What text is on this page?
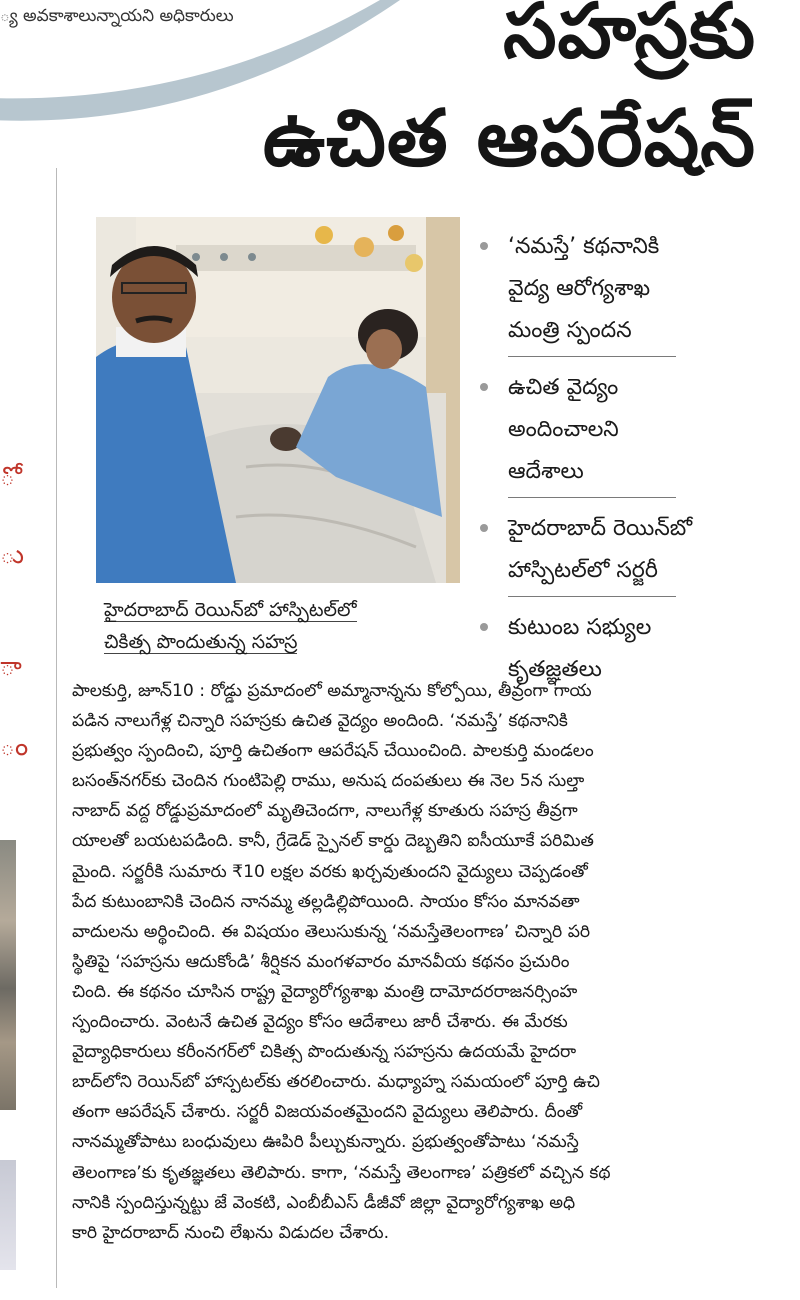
్య అవకాశాలున్నాయని అధికారులు	సహస్రకు
ఉచిత ఆపరేషన్
ో
ు
ా
ం
హైదరాబాద్ రెయిన్‌బో హాస్పిటల్‌లో
చికిత్స పొందుతున్న సహస్ర
‘నమస్తే’ కథనానికి
వైద్య ఆరోగ్యశాఖ
మంత్రి స్పందన
ఉచిత వైద్యం
అందించాలని
ఆదేశాలు
హైదరాబాద్ రెయిన్‌బో
హాస్పిటల్‌లో సర్జరీ
కుటుంబ సభ్యుల
కృతజ్ఞతలు
పాలకుర్తి, జూన్10 : రోడ్డు ప్రమాదంలో అమ్మానాన్నను కోల్పోయి, తీవ్రంగా గాయ
పడిన నాలుగేళ్ల చిన్నారి సహస్రకు ఉచిత వైద్యం అందింది. ‘నమస్తే’ కథనానికి
ప్రభుత్వం స్పందించి, పూర్తి ఉచితంగా ఆపరేషన్ చేయించింది. పాలకుర్తి మండలం
బసంత్‌నగర్‌కు చెందిన గుంటిపెల్లి రాము, అనుష దంపతులు ఈ నెల 5న సుల్తా
నాబాద్ వద్ద రోడ్డుప్రమాదంలో మృతిచెందగా, నాలుగేళ్ల కూతురు సహస్ర తీవ్రగా
యాలతో బయటపడింది. కానీ, గ్రేడెడ్ స్పైనల్ కార్డు దెబ్బతిని ఐసీయూకే పరిమిత
మైంది. సర్జరీకి సుమారు ₹10 లక్షల వరకు ఖర్చవుతుందని వైద్యులు చెప్పడంతో
పేద కుటుంబానికి చెందిన నానమ్మ తల్లడిల్లిపోయింది. సాయం కోసం మానవతా
వాదులను అర్థించింది. ఈ విషయం తెలుసుకున్న ‘నమస్తేతెలంగాణ’ చిన్నారి పరి
స్థితిపై ‘సహస్రను ఆదుకోండి’ శీర్షికన మంగళవారం మానవీయ కథనం ప్రచురిం
చింది. ఈ కథనం చూసిన రాష్ట్ర వైద్యారోగ్యశాఖ మంత్రి దామోదరరాజనర్సింహ
స్పందించారు. వెంటనే ఉచిత వైద్యం కోసం ఆదేశాలు జారీ చేశారు. ఈ మేరకు
వైద్యాధికారులు కరీంనగర్‌లో చికిత్స పొందుతున్న సహస్రను ఉదయమే హైదరా
బాద్‌లోని రెయిన్‌బో హాస్పటల్‌కు తరలించారు. మధ్యాహ్న సమయంలో పూర్తి ఉచి
తంగా ఆపరేషన్ చేశారు. సర్జరీ విజయవంతమైందని వైద్యులు తెలిపారు. దీంతో
నానమ్మతోపాటు బంధువులు ఊపిరి పీల్చుకున్నారు. ప్రభుత్వంతోపాటు ‘నమస్తే
తెలంగాణ’కు కృతజ్ఞతలు తెలిపారు. కాగా, ‘నమస్తే తెలంగాణ’ పత్రికలో వచ్చిన కథ
నానికి స్పందిస్తున్నట్టు జే వెంకటి, ఎంబీబీఎస్ డీజీవో జిల్లా వైద్యారోగ్యశాఖ అధి
కారి హైదరాబాద్ నుంచి లేఖను విడుదల చేశారు.
